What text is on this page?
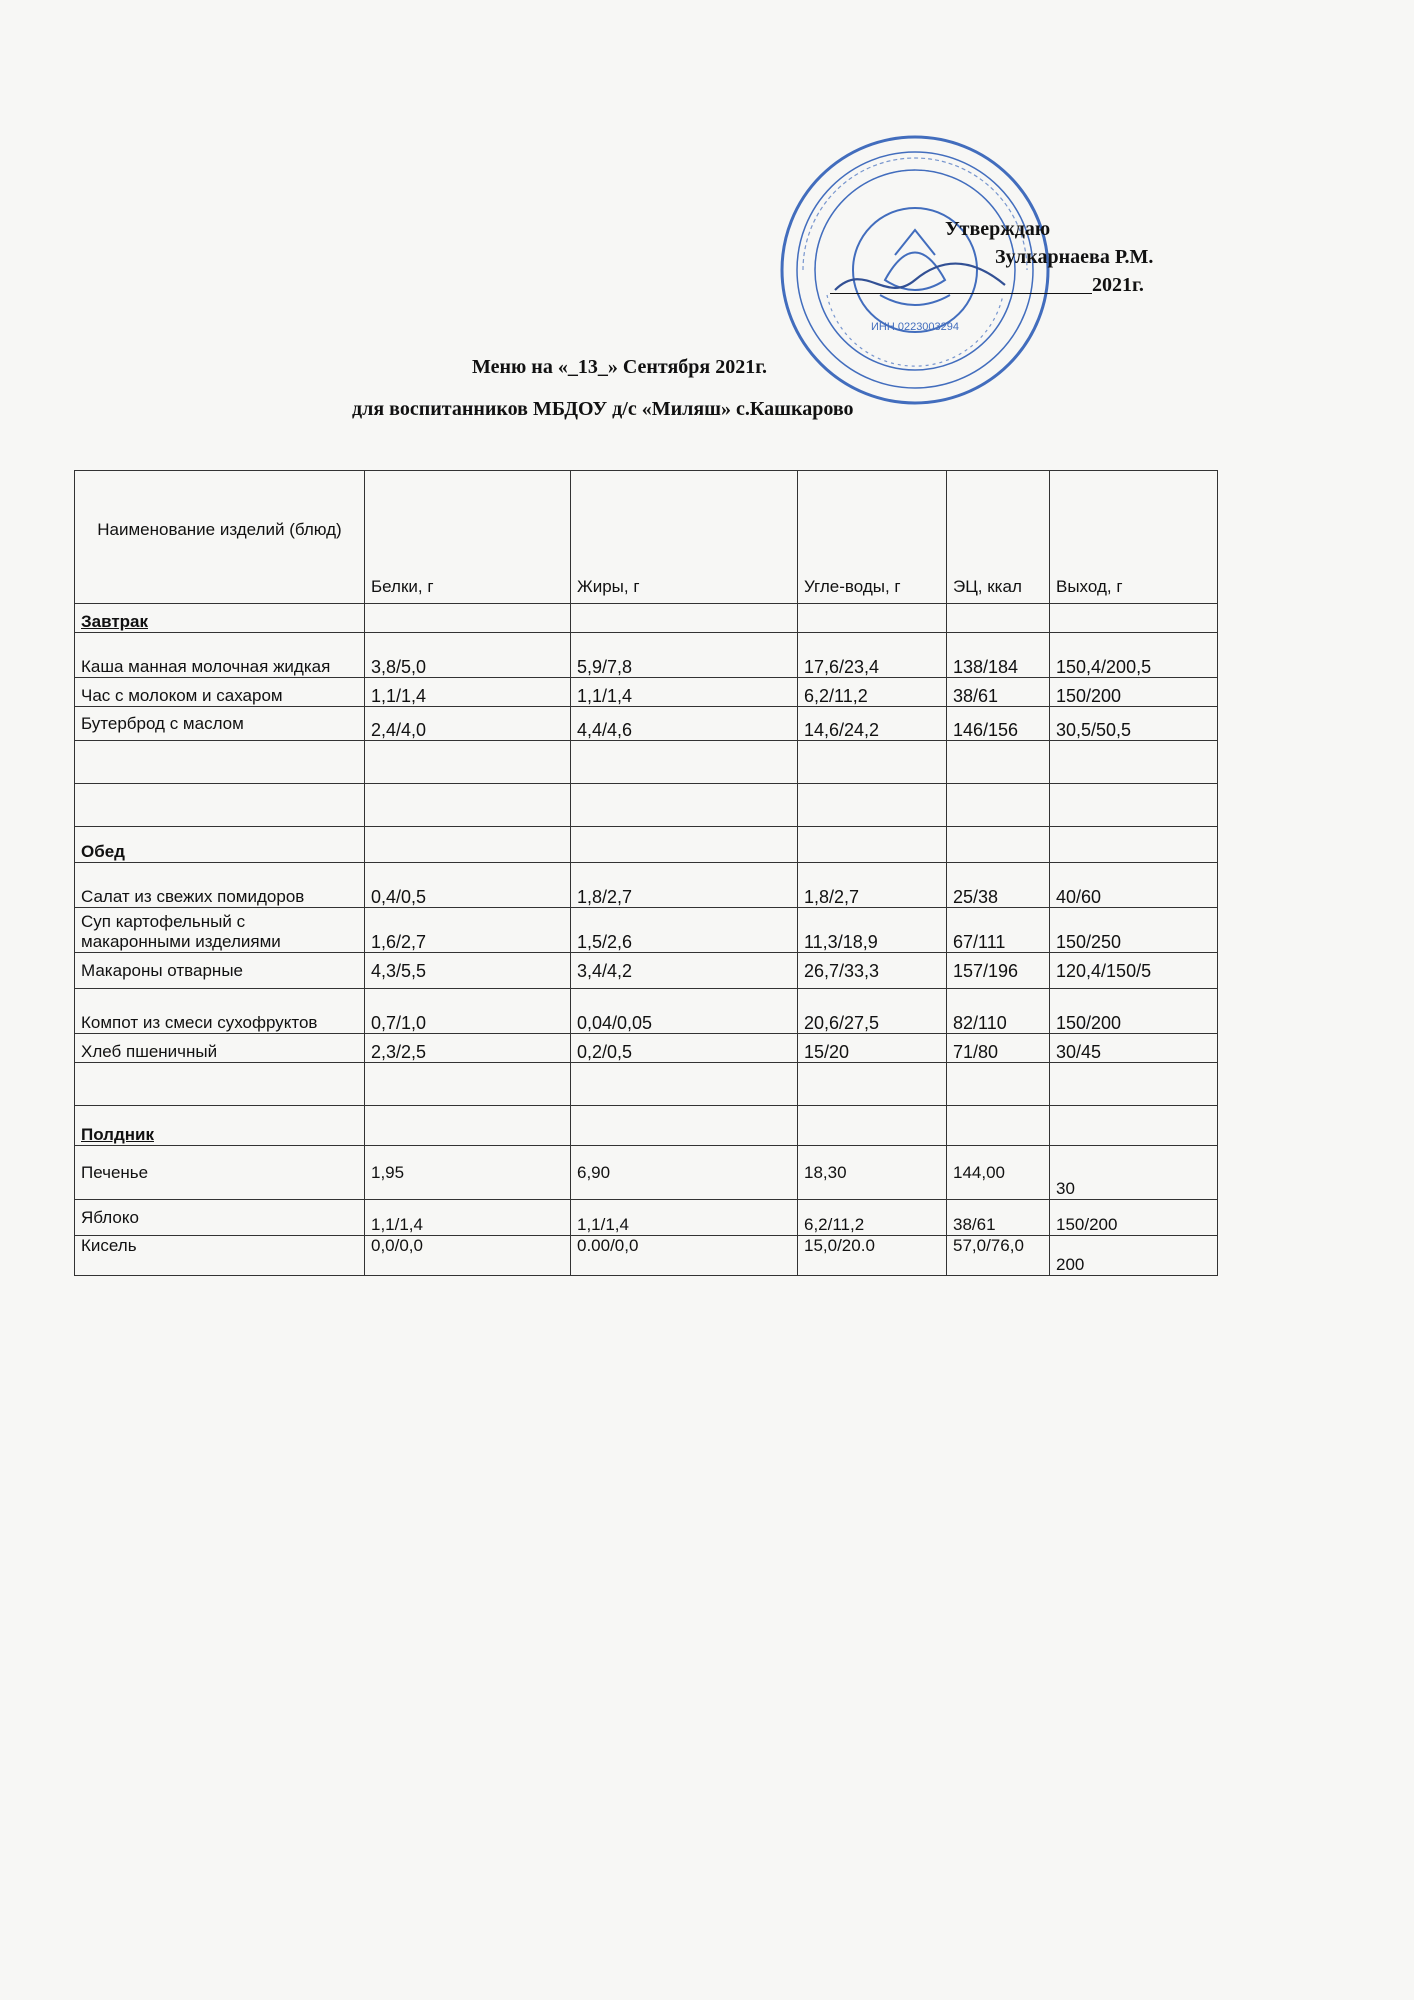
ИНН 0223003294
Утверждаю
Зулкарнаева Р.М.
2021г.
Меню на «_13_» Сентября 2021г.
для воспитанников МБДОУ д/с «Миляш» с.Кашкарово
Наименование изделий (блюд)	Белки, г	Жиры, г	Угле-воды, г	ЭЦ, ккал	Выход, г
Завтрак					
Каша манная молочная жидкая	3,8/5,0	5,9/7,8	17,6/23,4	138/184	150,4/200,5
Час с молоком и сахаром	1,1/1,4	1,1/1,4	6,2/11,2	38/61	150/200
Бутерброд с маслом	2,4/4,0	4,4/4,6	14,6/24,2	146/156	30,5/50,5

Обед					
Салат из свежих помидоров	0,4/0,5	1,8/2,7	1,8/2,7	25/38	40/60
Суп картофельный с макаронными изделиями	1,6/2,7	1,5/2,6	11,3/18,9	67/111	150/250
Макароны отварные	4,3/5,5	3,4/4,2	26,7/33,3	157/196	120,4/150/5
Компот из смеси сухофруктов	0,7/1,0	0,04/0,05	20,6/27,5	82/110	150/200
Хлеб пшеничный	2,3/2,5	0,2/0,5	15/20	71/80	30/45

Полдник					
Печенье	1,95	6,90	18,30	144,00	30
Яблоко	1,1/1,4	1,1/1,4	6,2/11,2	38/61	150/200
Кисель	0,0/0,0	0.00/0,0	15,0/20.0	57,0/76,0	200
